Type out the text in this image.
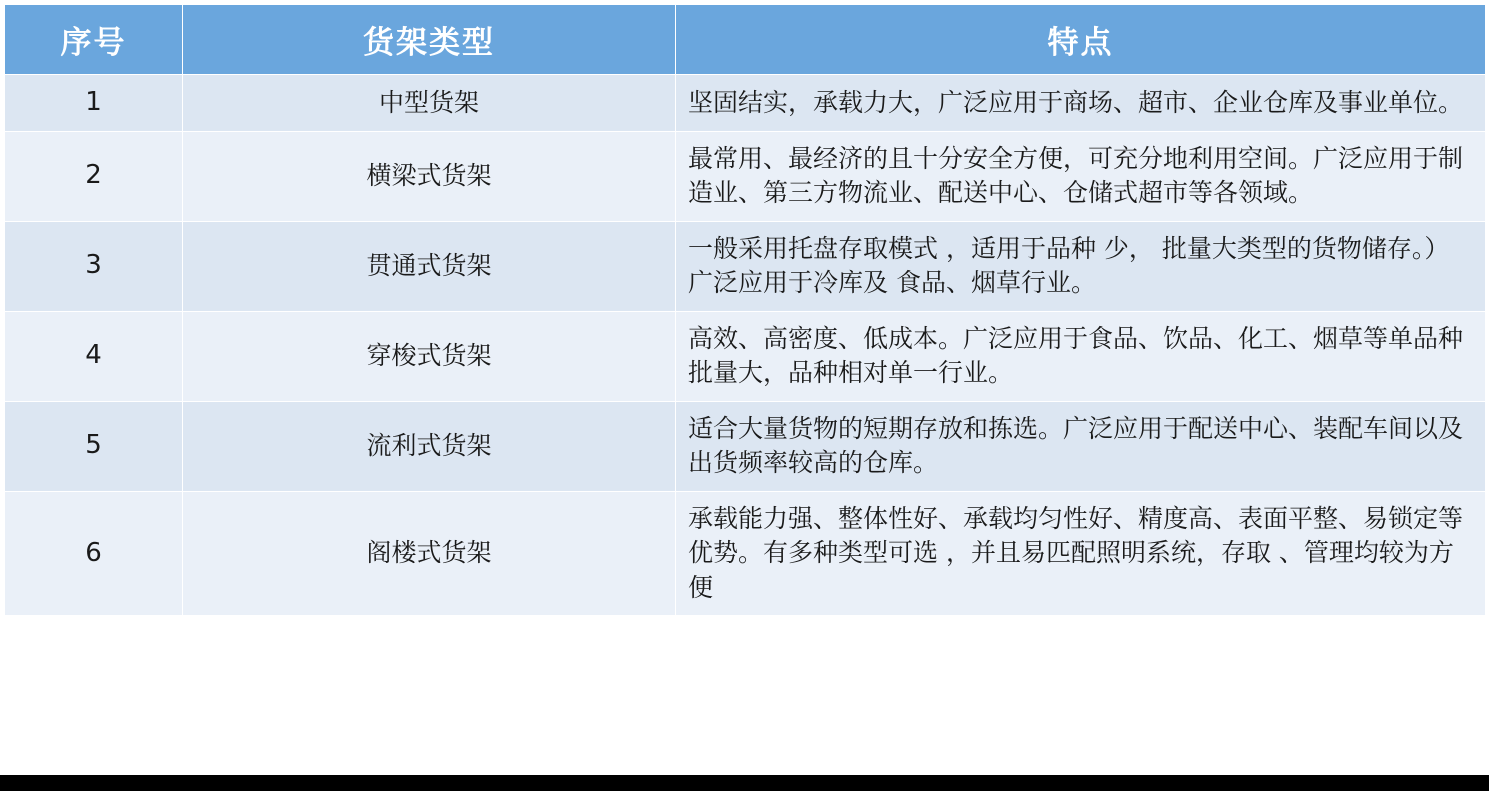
序号	货架类型	特点
1	中型货架	坚固结实，承载力大，广泛应用于商场、超市、企业仓库及事业单位。
2	横梁式货架	最常用、最经济的且十分安全方便，可充分地利用空间。广泛应用于制造业、第三方物流业、配送中心、仓储式超市等各领域。
3	贯通式货架	一般采用托盘存取模式 ，适用于品种 少， 批量大类型的货物储存。） 广泛应用于冷库及 食品、烟草行业。
4	穿梭式货架	高效、高密度、低成本。广泛应用于食品、饮品、化工、烟草等单品种批量大，品种相对单一行业。
5	流利式货架	适合大量货物的短期存放和拣选。广泛应用于配送中心、装配车间以及出货频率较高的仓库。
6	阁楼式货架	承载能力强、整体性好、承载均匀性好、精度高、表面平整、易锁定等优势。有多种类型可选 ，并且易匹配照明系统，存取 、管理均较为方便
